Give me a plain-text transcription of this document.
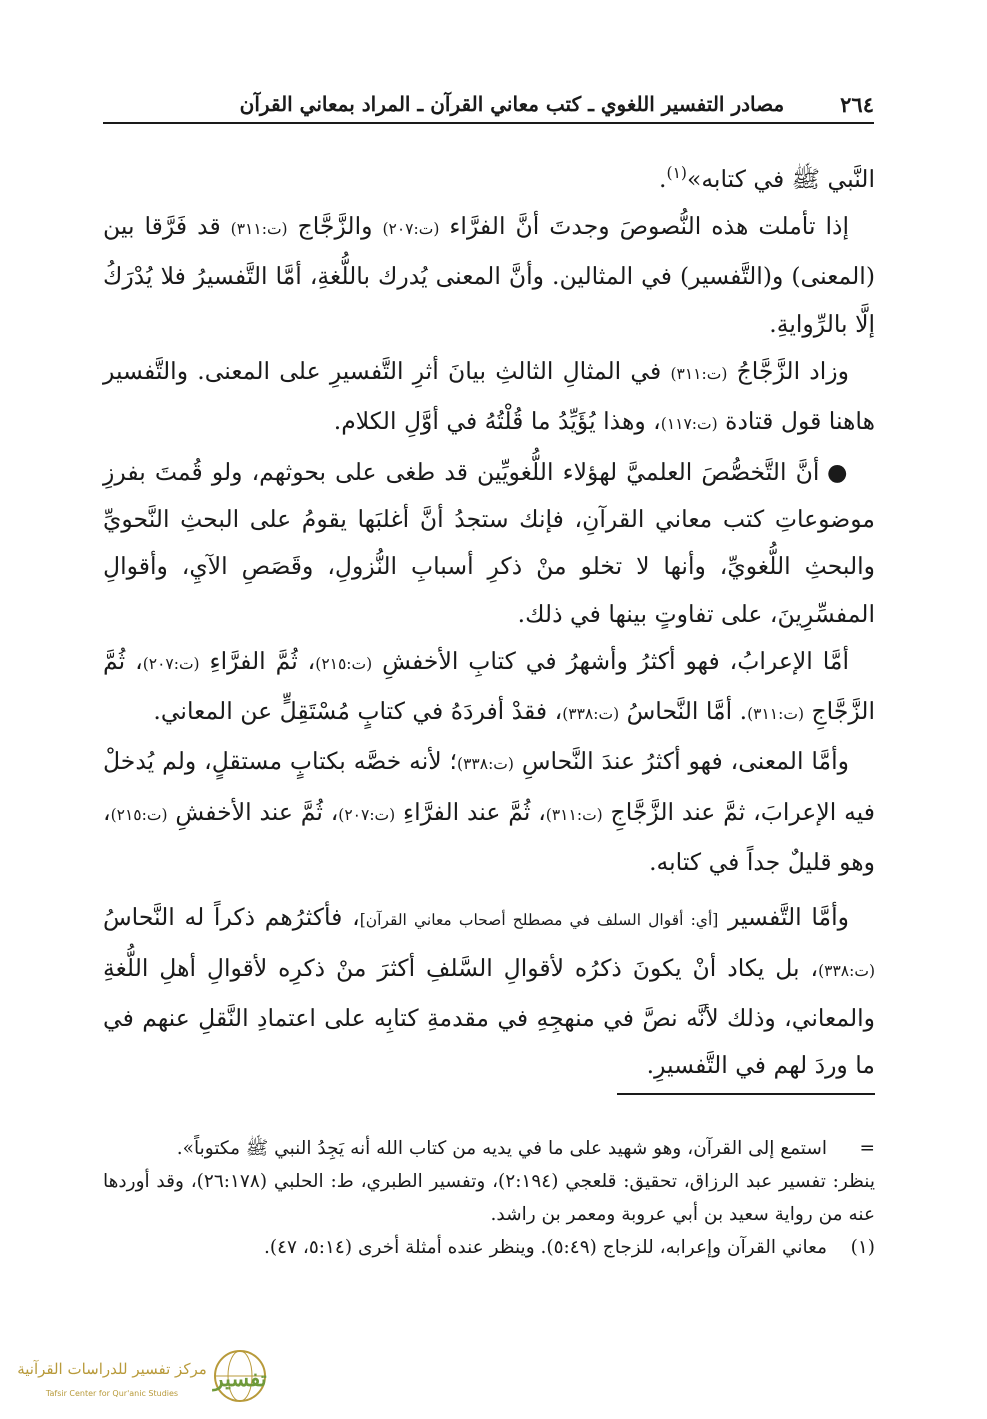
٢٦٤
مصادر التفسير اللغوي ـ كتب معاني القرآن ـ المراد بمعاني القرآن

النَّبي ﷺ في كتابه»$^{(١)}$.

إذا تأملت هذه النُّصوصَ وجدتَ أنَّ الفرَّاء (ت:٢٠٧) والزَّجَّاج (ت:٣١١) قد فَرَّقا بين (المعنى) و(التَّفسير) في المثالين. وأنَّ المعنى يُدرك باللُّغةِ، أمَّا التَّفسيرُ فلا يُدْرَكُ إلَّا بالرِّوايةِ.

وزاد الزَّجَّاجُ (ت:٣١١) في المثالِ الثالثِ بيانَ أثرِ التَّفسيرِ على المعنى. والتَّفسير هاهنا قول قتادة (ت:١١٧)، وهذا يُؤَيِّدُ ما قُلْتُهُ في أوَّلِ الكلام.

● أنَّ التَّخصُّصَ العلميَّ لهؤلاء اللُّغويِّين قد طغى على بحوثهم، ولو قُمتَ بفرزِ موضوعاتِ كتب معاني القرآنِ، فإنك ستجدُ أنَّ أغلبَها يقومُ على البحثِ النَّحويِّ والبحثِ اللُّغويِّ، وأنها لا تخلو منْ ذكرِ أسبابِ النُّزولِ، وقَصَصِ الآيِ، وأقوالِ المفسِّرِينَ، على تفاوتٍ بينها في ذلك.

أمَّا الإعرابُ، فهو أكثرُ وأشهرُ في كتابِ الأخفشِ (ت:٢١٥)، ثُمَّ الفرَّاءِ (ت:٢٠٧)، ثُمَّ الزَّجَّاجِ (ت:٣١١). أمَّا النَّحاسُ (ت:٣٣٨)، فقدْ أفردَهُ في كتابٍ مُسْتَقِلٍّ عن المعاني.

وأمَّا المعنى، فهو أكثرُ عندَ النَّحاسِ (ت:٣٣٨)؛ لأنه خصَّه بكتابٍ مستقلٍ، ولم يُدخلْ فيه الإعرابَ، ثمَّ عند الزَّجَّاجِ (ت:٣١١)، ثُمَّ عند الفرَّاءِ (ت:٢٠٧)، ثُمَّ عند الأخفشِ (ت:٢١٥)، وهو قليلٌ جداً في كتابه.

وأمَّا التَّفسير [أي: أقوال السلف في مصطلح أصحاب معاني القرآن]، فأكثرُهم ذكراً له النَّحاسُ (ت:٣٣٨)، بل يكاد أنْ يكونَ ذكرُه لأقوالِ السَّلفِ أكثرَ منْ ذكرِه لأقوالِ أهلِ اللُّغةِ والمعاني، وذلك لأنَّه نصَّ في منهجِهِ في مقدمةِ كتابِه على اعتمادِ النَّقلِ عنهم في ما وردَ لهم في التَّفسيرِ.

=
استمع إلى القرآن، وهو شهيد على ما في يديه من كتاب الله أنه يَجِدُ النبي ﷺ مكتوباً».
ينظر: تفسير عبد الرزاق، تحقيق: قلعجي (٢:١٩٤)، وتفسير الطبري، ط: الحلبي (٢٦:١٧٨)، وقد أوردها عنه من رواية سعيد بن أبي عروبة ومعمر بن راشد.
(١)
معاني القرآن وإعرابه، للزجاج (٥:٤٩). وينظر عنده أمثلة أخرى (٥:١٤، ٤٧).
تفسير
مركز تفسير للدراسات القرآنية
Tafsir Center for Qur'anic Studies
